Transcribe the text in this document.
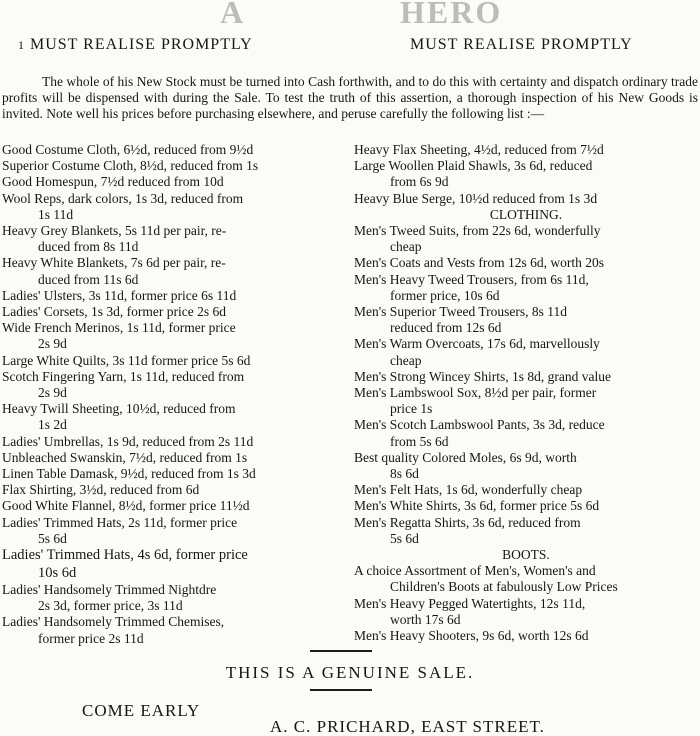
A	HERO
1 MUST REALISE PROMPTLY	MUST REALISE PROMPTLY
The whole of his New Stock must be turned into Cash forthwith, and to do this with certainty and dispatch ordinary trade profits will be dispensed with during the Sale. To test the truth of this assertion, a thorough inspection of his New Goods is invited. Note well his prices before purchasing elsewhere, and peruse carefully the following list :—

Good Costume Cloth, 6½d, reduced from 9½d

Superior Costume Cloth, 8½d, reduced from 1s

Good Homespun, 7½d reduced from 10d

Wool Reps, dark colors, 1s 3d, reduced from

1s 11d

Heavy Grey Blankets, 5s 11d per pair, re-

duced from 8s 11d

Heavy White Blankets, 7s 6d per pair, re-

duced from 11s 6d

Ladies' Ulsters, 3s 11d, former price 6s 11d

Ladies' Corsets, 1s 3d, former price 2s 6d

Wide French Merinos, 1s 11d, former price

2s 9d

Large White Quilts, 3s 11d former price 5s 6d

Scotch Fingering Yarn, 1s 11d, reduced from

2s 9d

Heavy Twill Sheeting, 10½d, reduced from

1s 2d

Ladies' Umbrellas, 1s 9d, reduced from 2s 11d

Unbleached Swanskin, 7½d, reduced from 1s

Linen Table Damask, 9½d, reduced from 1s 3d

Flax Shirting, 3½d, reduced from 6d

Good White Flannel, 8½d, former price 11½d

Ladies' Trimmed Hats, 2s 11d, former price

5s 6d

Ladies' Trimmed Hats, 4s 6d, former price

10s 6d

Ladies' Handsomely Trimmed Nightdre

2s 3d, former price, 3s 11d

Ladies' Handsomely Trimmed Chemises,

former price 2s 11d

Heavy Flax Sheeting, 4½d, reduced from 7½d

Large Woollen Plaid Shawls, 3s 6d, reduced

from 6s 9d

Heavy Blue Serge, 10½d reduced from 1s 3d

CLOTHING.

Men's Tweed Suits, from 22s 6d, wonderfully

cheap

Men's Coats and Vests from 12s 6d, worth 20s

Men's Heavy Tweed Trousers, from 6s 11d,

former price, 10s 6d

Men's Superior Tweed Trousers, 8s 11d

reduced from 12s 6d

Men's Warm Overcoats, 17s 6d, marvellously

cheap

Men's Strong Wincey Shirts, 1s 8d, grand value

Men's Lambswool Sox, 8½d per pair, former

price 1s

Men's Scotch Lambswool Pants, 3s 3d, reduce

from 5s 6d

Best quality Colored Moles, 6s 9d, worth

8s 6d

Men's Felt Hats, 1s 6d, wonderfully cheap

Men's White Shirts, 3s 6d, former price 5s 6d

Men's Regatta Shirts, 3s 6d, reduced from

5s 6d

BOOTS.

A choice Assortment of Men's, Women's and

Children's Boots at fabulously Low Prices

Men's Heavy Pegged Watertights, 12s 11d,

worth 17s 6d

Men's Heavy Shooters, 9s 6d, worth 12s 6d

THIS IS A GENUINE SALE.
COME EARLY
A. C. PRICHARD, EAST STREET.
